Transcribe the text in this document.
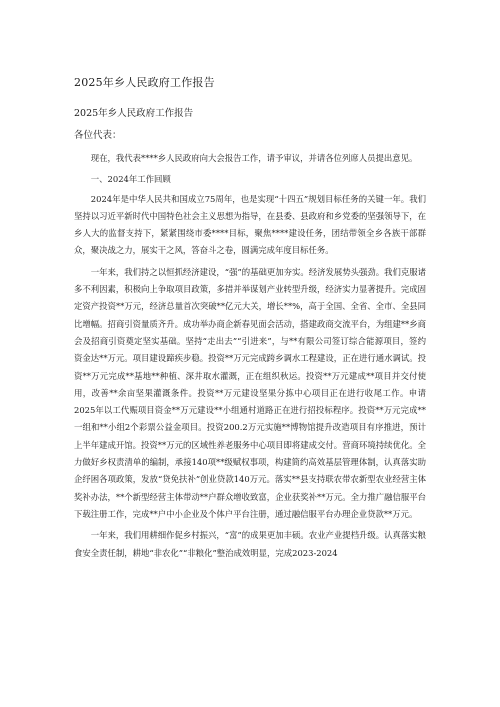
2025年乡人民政府工作报告
2025年乡人民政府工作报告
各位代表：

现在，我代表****乡人民政府向大会报告工作，请予审议，并请各位列席人员提出意见。

一、2024年工作回顾

2024年是中华人民共和国成立75周年，也是实现“十四五”规划目标任务的关键一年。我们坚持以习近平新时代中国特色社会主义思想为指导，在县委、县政府和乡党委的坚强领导下，在乡人大的监督支持下，紧紧围绕市委****目标，聚焦****建设任务，团结带领全乡各族干部群众，聚决战之力，展实干之风，答奋斗之卷，圆满完成年度目标任务。

一年来，我们持之以恒抓经济建设，“强”的基础更加夯实。经济发展势头强劲。我们克服诸多不利因素，积极向上争取项目政策，多措并举谋划产业转型升级，经济实力显著提升。完成固定资产投资**万元，经济总量首次突破**亿元大关，增长**%，高于全国、全省、全市、全县同比增幅。招商引资量质齐升。成功举办商企新春见面会活动，搭建政商交流平台，为组建**乡商会及招商引资奠定坚实基础。坚持“走出去”“引进来”，与**有限公司签订综合能源项目，签约资金达**万元。项目建设蹄疾步稳。投资**万元完成跨乡调水工程建设，正在进行通水调试。投资**万元完成**基地**种植、深井取水灌溉，正在组织秋运。投资**万元建成**项目并交付使用，改善**余亩坚果灌溉条件。投资**万元建设坚果分拣中心项目正在进行收尾工作。申请2025年以工代赈项目资金**万元建设**小组通村道路正在进行招投标程序。投资**万元完成**一组和**小组2个彩票公益金项目。投资200.2万元实施**博物馆提升改造项目有序推进，预计上半年建成开馆。投资**万元的区域性养老服务中心项目即将建成交付。营商环境持续优化。全力做好乡权责清单的编制，承接140项**级赋权事项，构建简约高效基层管理体制，认真落实助企纾困各项政策，发放“贷免扶补”创业贷款140万元。落实**县支持联农带农新型农业经营主体奖补办法，**个新型经营主体带动**户群众增收致富，企业获奖补**万元。全力推广融信服平台下载注册工作，完成**户中小企业及个体户平台注册，通过融信服平台办理企业贷款**万元。

一年来，我们用耕细作促乡村振兴，“富”的成果更加丰硕。农业产业提档升级。认真落实粮食安全责任制，耕地“非农化”“非粮化”整治成效明显，完成2023-2024
